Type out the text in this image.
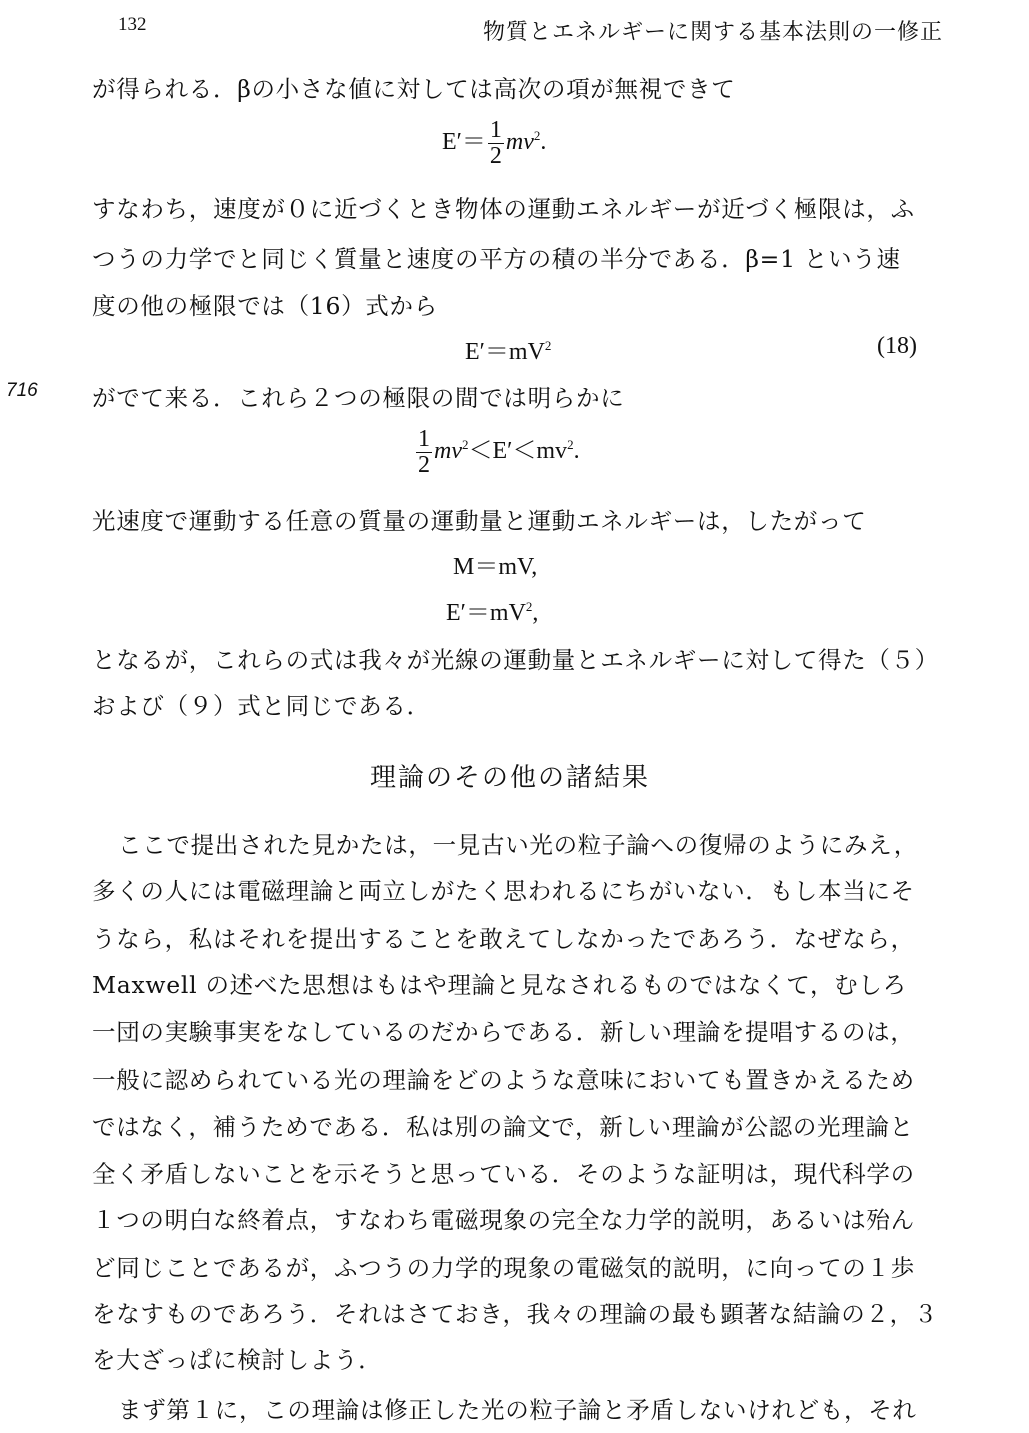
132	物質とエネルギーに関する基本法則の一修正
が得られる．βの小さな値に対しては高次の項が無視できて
$E'= \frac{1}{2} mv^2$.
すなわち，速度が０に近づくとき物体の運動エネルギーが近づく極限は，ふ
つうの力学でと同じく質量と速度の平方の積の半分である．β=1 という速
度の他の極限では（16）式から
$E'=mV^2$	(18)
716 がでて来る．これら２つの極限の間では明らかに
$\frac{1}{2} mv^2<E'<mv^2$.
光速度で運動する任意の質量の運動量と運動エネルギーは，したがって
M＝mV,
$E'=mV^2$,
となるが，これらの式は我々が光線の運動量とエネルギーに対して得た（５）
および（９）式と同じである．
理論のその他の諸結果
ここで提出された見かたは，一見古い光の粒子論への復帰のようにみえ，
多くの人には電磁理論と両立しがたく思われるにちがいない．もし本当にそ
うなら，私はそれを提出することを敢えてしなかったであろう．なぜなら，
Maxwell の述べた思想はもはや理論と見なされるものではなくて，むしろ
一団の実験事実をなしているのだからである．新しい理論を提唱するのは，
一般に認められている光の理論をどのような意味においても置きかえるため
ではなく，補うためである．私は別の論文で，新しい理論が公認の光理論と
全く矛盾しないことを示そうと思っている．そのような証明は，現代科学の
１つの明白な終着点，すなわち電磁現象の完全な力学的説明，あるいは殆ん
ど同じことであるが，ふつうの力学的現象の電磁気的説明，に向っての１歩
をなすものであろう．それはさておき，我々の理論の最も顕著な結論の２，３
を大ざっぱに検討しよう．
まず第１に，この理論は修正した光の粒子論と矛盾しないけれども，それ
